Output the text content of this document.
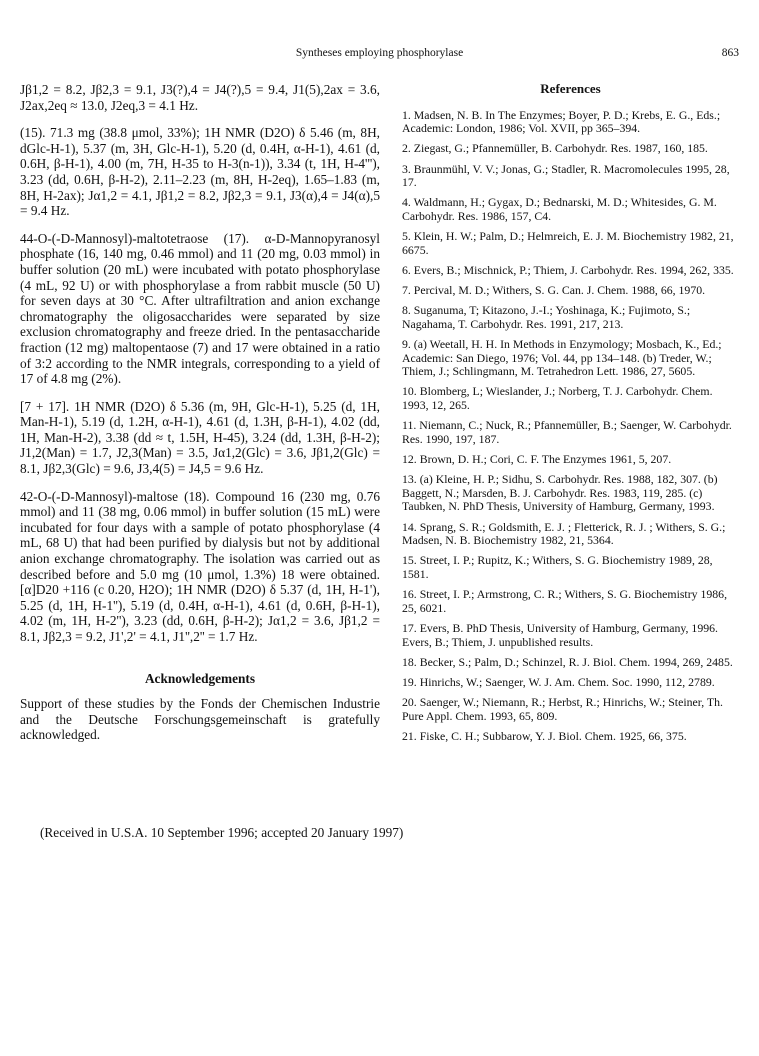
Syntheses employing phosphorylase	863

Jβ1,2 = 8.2, Jβ2,3 = 9.1, J3(?),4 = J4(?),5 = 9.4, J1(5),2ax = 3.6, J2ax,2eq ≈ 13.0, J2eq,3 = 4.1 Hz.

(15). 71.3 mg (38.8 μmol, 33%); 1H NMR (D2O) δ 5.46 (m, 8H, dGlc-H-1), 5.37 (m, 3H, Glc-H-1), 5.20 (d, 0.4H, α-H-1), 4.61 (d, 0.6H, β-H-1), 4.00 (m, 7H, H-35 to H-3(n-1)), 3.34 (t, 1H, H-4'''), 3.23 (dd, 0.6H, β-H-2), 2.11–2.23 (m, 8H, H-2eq), 1.65–1.83 (m, 8H, H-2ax); Jα1,2 = 4.1, Jβ1,2 = 8.2, Jβ2,3 = 9.1, J3(α),4 = J4(α),5 = 9.4 Hz.

44-O-(-D-Mannosyl)-maltotetraose (17). α-D-Mannopyranosyl phosphate (16, 140 mg, 0.46 mmol) and 11 (20 mg, 0.03 mmol) in buffer solution (20 mL) were incubated with potato phosphorylase (4 mL, 92 U) or with phosphorylase a from rabbit muscle (50 U) for seven days at 30 °C. After ultrafiltration and anion exchange chromatography the oligosaccharides were separated by size exclusion chromatography and freeze dried. In the pentasaccharide fraction (12 mg) maltopentaose (7) and 17 were obtained in a ratio of 3:2 according to the NMR integrals, corresponding to a yield of 17 of 4.8 mg (2%).

[7 + 17]. 1H NMR (D2O) δ 5.36 (m, 9H, Glc-H-1), 5.25 (d, 1H, Man-H-1), 5.19 (d, 1.2H, α-H-1), 4.61 (d, 1.3H, β-H-1), 4.02 (dd, 1H, Man-H-2), 3.38 (dd ≈ t, 1.5H, H-45), 3.24 (dd, 1.3H, β-H-2); J1,2(Man) = 1.7, J2,3(Man) = 3.5, Jα1,2(Glc) = 3.6, Jβ1,2(Glc) = 8.1, Jβ2,3(Glc) = 9.6, J3,4(5) = J4,5 = 9.6 Hz.

42-O-(-D-Mannosyl)-maltose (18). Compound 16 (230 mg, 0.76 mmol) and 11 (38 mg, 0.06 mmol) in buffer solution (15 mL) were incubated for four days with a sample of potato phosphorylase (4 mL, 68 U) that had been purified by dialysis but not by additional anion exchange chromatography. The isolation was carried out as described before and 5.0 mg (10 μmol, 1.3%) 18 were obtained. [α]D20 +116 (c 0.20, H2O); 1H NMR (D2O) δ 5.37 (d, 1H, H-1'), 5.25 (d, 1H, H-1''), 5.19 (d, 0.4H, α-H-1), 4.61 (d, 0.6H, β-H-1), 4.02 (m, 1H, H-2''), 3.23 (dd, 0.6H, β-H-2); Jα1,2 = 3.6, Jβ1,2 = 8.1, Jβ2,3 = 9.2, J1',2' = 4.1, J1'',2'' = 1.7 Hz.

Acknowledgements

Support of these studies by the Fonds der Chemischen Industrie and the Deutsche Forschungsgemeinschaft is gratefully acknowledged.

(Received in U.S.A. 10 September 1996; accepted 20 January 1997)
References

1. Madsen, N. B. In The Enzymes; Boyer, P. D.; Krebs, E. G., Eds.; Academic: London, 1986; Vol. XVII, pp 365–394.

2. Ziegast, G.; Pfannemüller, B. Carbohydr. Res. 1987, 160, 185.

3. Braunmühl, V. V.; Jonas, G.; Stadler, R. Macromolecules 1995, 28, 17.

4. Waldmann, H.; Gygax, D.; Bednarski, M. D.; Whitesides, G. M. Carbohydr. Res. 1986, 157, C4.

5. Klein, H. W.; Palm, D.; Helmreich, E. J. M. Biochemistry 1982, 21, 6675.

6. Evers, B.; Mischnick, P.; Thiem, J. Carbohydr. Res. 1994, 262, 335.

7. Percival, M. D.; Withers, S. G. Can. J. Chem. 1988, 66, 1970.

8. Suganuma, T; Kitazono, J.-I.; Yoshinaga, K.; Fujimoto, S.; Nagahama, T. Carbohydr. Res. 1991, 217, 213.

9. (a) Weetall, H. H. In Methods in Enzymology; Mosbach, K., Ed.; Academic: San Diego, 1976; Vol. 44, pp 134–148. (b) Treder, W.; Thiem, J.; Schlingmann, M. Tetrahedron Lett. 1986, 27, 5605.

10. Blomberg, L; Wieslander, J.; Norberg, T. J. Carbohydr. Chem. 1993, 12, 265.

11. Niemann, C.; Nuck, R.; Pfannemüller, B.; Saenger, W. Carbohydr. Res. 1990, 197, 187.

12. Brown, D. H.; Cori, C. F. The Enzymes 1961, 5, 207.

13. (a) Kleine, H. P.; Sidhu, S. Carbohydr. Res. 1988, 182, 307. (b) Baggett, N.; Marsden, B. J. Carbohydr. Res. 1983, 119, 285. (c) Taubken, N. PhD Thesis, University of Hamburg, Germany, 1993.

14. Sprang, S. R.; Goldsmith, E. J. ; Fletterick, R. J. ; Withers, S. G.; Madsen, N. B. Biochemistry 1982, 21, 5364.

15. Street, I. P.; Rupitz, K.; Withers, S. G. Biochemistry 1989, 28, 1581.

16. Street, I. P.; Armstrong, C. R.; Withers, S. G. Biochemistry 1986, 25, 6021.

17. Evers, B. PhD Thesis, University of Hamburg, Germany, 1996. Evers, B.; Thiem, J. unpublished results.

18. Becker, S.; Palm, D.; Schinzel, R. J. Biol. Chem. 1994, 269, 2485.

19. Hinrichs, W.; Saenger, W. J. Am. Chem. Soc. 1990, 112, 2789.

20. Saenger, W.; Niemann, R.; Herbst, R.; Hinrichs, W.; Steiner, Th. Pure Appl. Chem. 1993, 65, 809.

21. Fiske, C. H.; Subbarow, Y. J. Biol. Chem. 1925, 66, 375.
